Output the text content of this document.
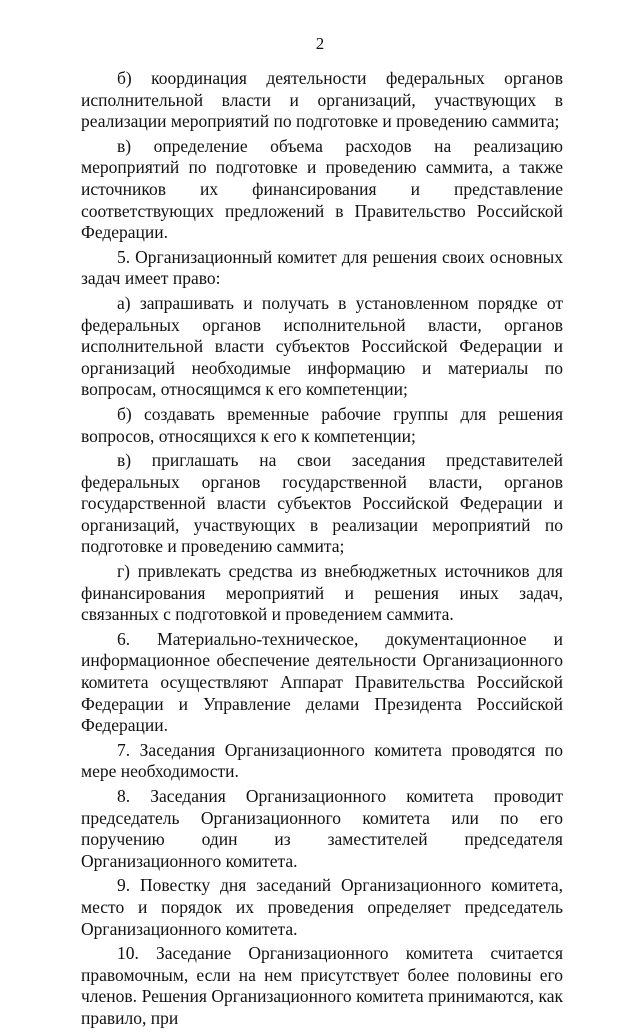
2

б) координация деятельности федеральных органов исполнительной власти и организаций, участвующих в реализации мероприятий по подготовке и проведению саммита;

в) определение объема расходов на реализацию мероприятий по подготовке и проведению саммита, а также источников их финансирования и представление соответствующих предложений в Правительство Российской Федерации.

5. Организационный комитет для решения своих основных задач имеет право:

а) запрашивать и получать в установленном порядке от федеральных органов исполнительной власти, органов исполнительной власти субъектов Российской Федерации и организаций необходимые информацию и материалы по вопросам, относящимся к его компетенции;

б) создавать временные рабочие группы для решения вопросов, относящихся к его к компетенции;

в) приглашать на свои заседания представителей федеральных органов государственной власти, органов государственной власти субъектов Российской Федерации и организаций, участвующих в реализации мероприятий по подготовке и проведению саммита;

г) привлекать средства из внебюджетных источников для финансирования мероприятий и решения иных задач, связанных с подготовкой и проведением саммита.

6. Материально-техническое, документационное и информационное обеспечение деятельности Организационного комитета осуществляют Аппарат Правительства Российской Федерации и Управление делами Президента Российской Федерации.

7. Заседания Организационного комитета проводятся по мере необходимости.

8. Заседания Организационного комитета проводит председатель Организационного комитета или по его поручению один из заместителей председателя Организационного комитета.

9. Повестку дня заседаний Организационного комитета, место и порядок их проведения определяет председатель Организационного комитета.

10. Заседание Организационного комитета считается правомочным, если на нем присутствует более половины его членов. Решения Организационного комитета принимаются, как правило, при
